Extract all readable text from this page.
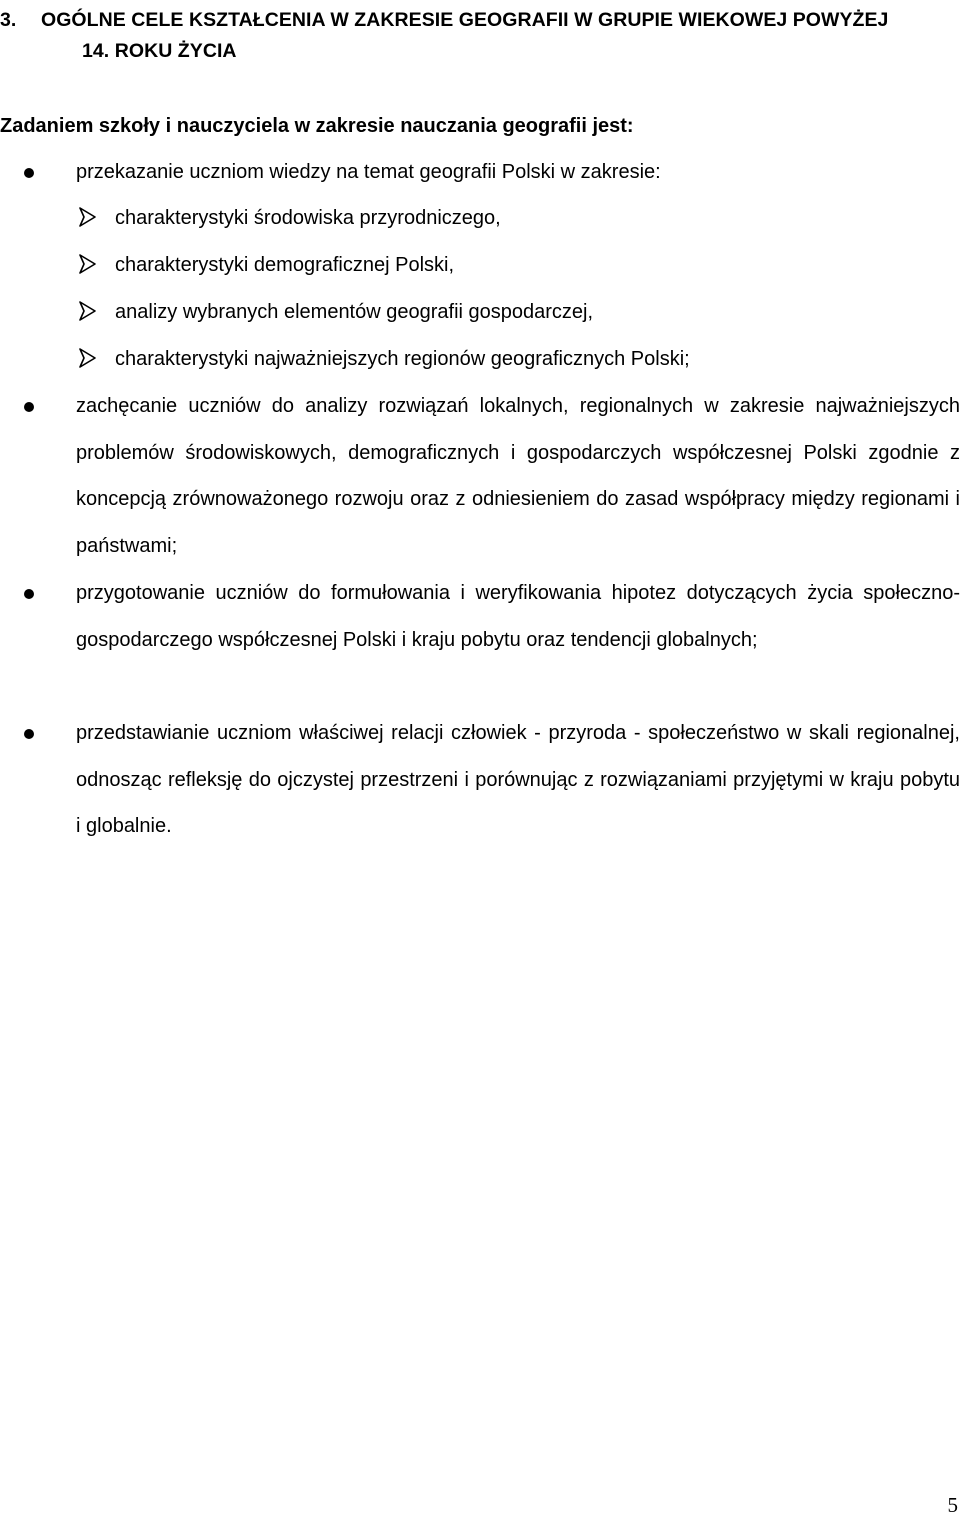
3. OGÓLNE CELE KSZTAŁCENIA W ZAKRESIE GEOGRAFII W GRUPIE WIEKOWEJ POWYŻEJ
14. ROKU ŻYCIA
Zadaniem szkoły i nauczyciela w zakresie nauczania geografii jest:
przekazanie uczniom wiedzy na temat geografii Polski w zakresie:
charakterystyki środowiska przyrodniczego,
charakterystyki demograficznej Polski,
analizy wybranych elementów geografii gospodarczej,
charakterystyki najważniejszych regionów geograficznych Polski;
zachęcanie uczniów do analizy rozwiązań lokalnych, regionalnych w zakresie najważniejszych problemów środowiskowych, demograficznych i gospodarczych współczesnej Polski zgodnie z koncepcją zrównoważonego rozwoju oraz z odniesieniem do zasad współpracy między regionami i państwami;
przygotowanie uczniów do formułowania i weryfikowania hipotez dotyczących życia społeczno-gospodarczego współczesnej Polski i kraju pobytu oraz tendencji globalnych;
przedstawianie uczniom właściwej relacji człowiek - przyroda - społeczeństwo w skali regionalnej, odnosząc refleksję do ojczystej przestrzeni i porównując z rozwiązaniami przyjętymi w kraju pobytu i globalnie.
5
